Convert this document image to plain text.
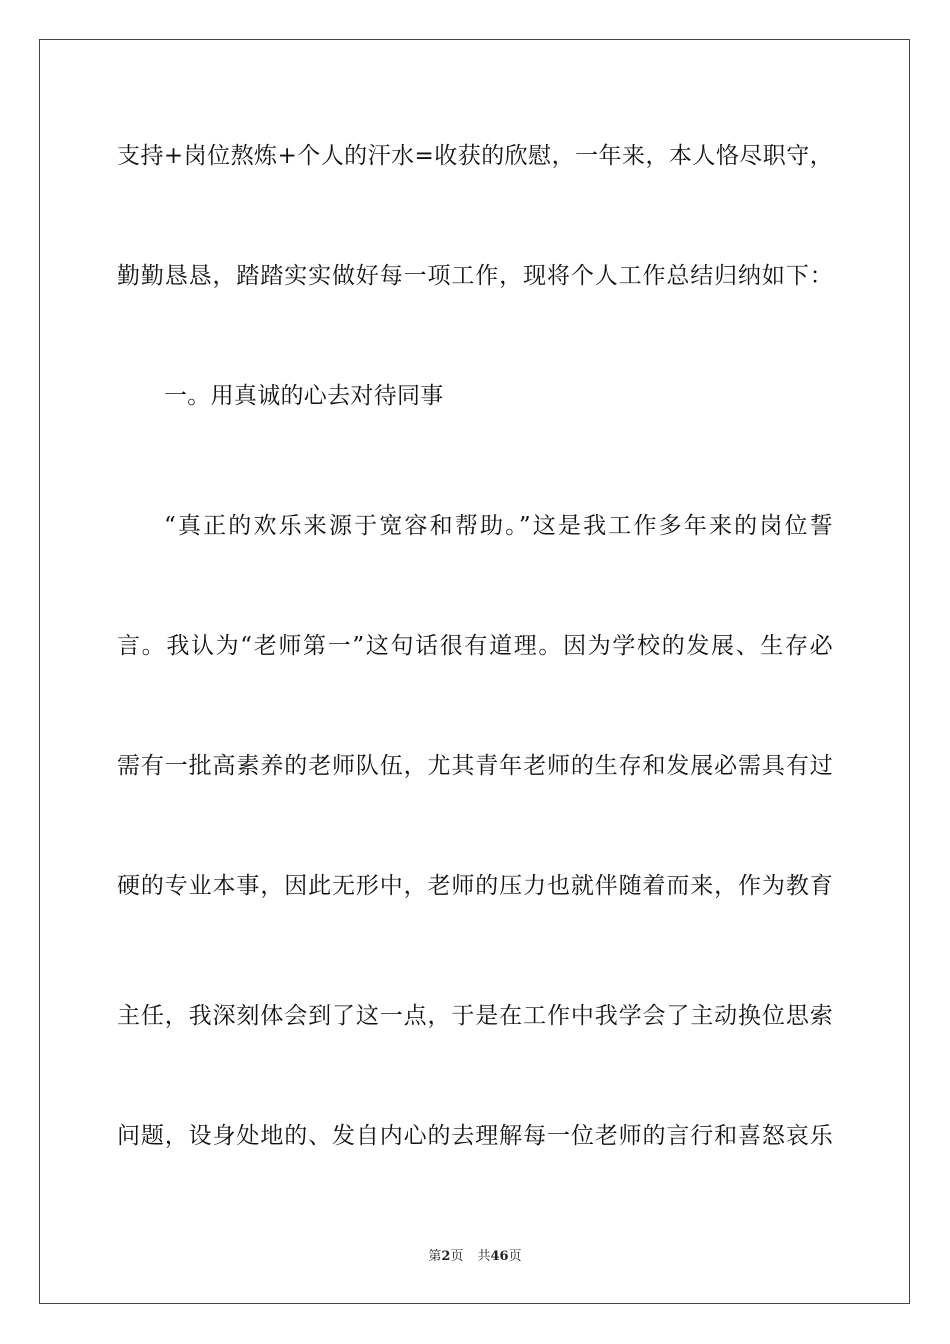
支持+岗位熬炼+个人的汗水=收获的欣慰，一年来，本人恪尽职守，
勤勤恳恳，踏踏实实做好每一项工作，现将个人工作总结归纳如下：
一。用真诚的心去对待同事
“真正的欢乐来源于宽容和帮助。”这是我工作多年来的岗位誓
言。我认为“老师第一”这句话很有道理。因为学校的发展、生存必
需有一批高素养的老师队伍，尤其青年老师的生存和发展必需具有过
硬的专业本事，因此无形中，老师的压力也就伴随着而来，作为教育
主任，我深刻体会到了这一点，于是在工作中我学会了主动换位思索
问题，设身处地的、发自内心的去理解每一位老师的言行和喜怒哀乐
第2页 共46页
